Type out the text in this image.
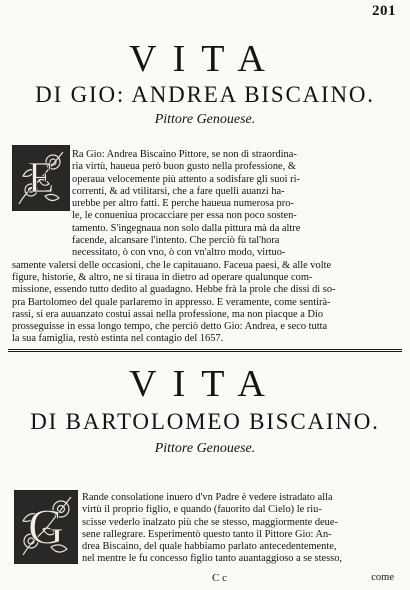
201
VITA
DI GIO: ANDREA BISCAINO.
Pittore Genouese.
E Ra Gio: Andrea Biscaino Pittore, se non di straordina-
ria virtù, haueua però buon gusto nella professione, &
operaua velocemente più attento a sodisfare gli suoi ri-
correnti, & ad vtilitarsi, che a fare quelli auanzi ha-
urebbe per altro fatti. E perche haueua numerosa pro-
le, le conueniua procacciare per essa non poco sosten-
tamento. S'ingegnaua non solo dalla pittura mà da altre
facende, alcansare l'intento. Che perciò fù tal'hora
necessitato, ò con vno, ò con vn'altro modo, virtuo-
samente valersi delle occasioni, che le capitauano. Faceua paesi, & alle volte
figure, historie, & altro, ne si tiraua in dietro ad operare qualunque com-
missione, essendo tutto dedito al guadagno. Hebbe frà la prole che dissi di so-
pra Bartolomeo del quale parlaremo in appresso. E veramente, come sentirà-
rassi, si era auuanzato costui assai nella professione, ma non piacque a Dio
prosseguisse in essa longo tempo, che perciò detto Gio: Andrea, e seco tutta
la sua famiglia, restò estinta nel contagio del 1657.
VITA
DI BARTOLOMEO BISCAINO.
Pittore Genouese.
G
Rande consolatione inuero d'vn Padre è vedere istradato alla
virtù il proprio figlio, e quando (fauorito dal Cielo) le riu-
scisse vederlo inalzato più che se stesso, maggiormente deue-
sene rallegrare. Esperimentò questo tanto il Pittore Gio: An-
drea Biscaino, del quale habbiamo parlato antecedentemente,
nel mentre le fu concesso figlio tanto auantaggioso a se stesso,
C c	come
